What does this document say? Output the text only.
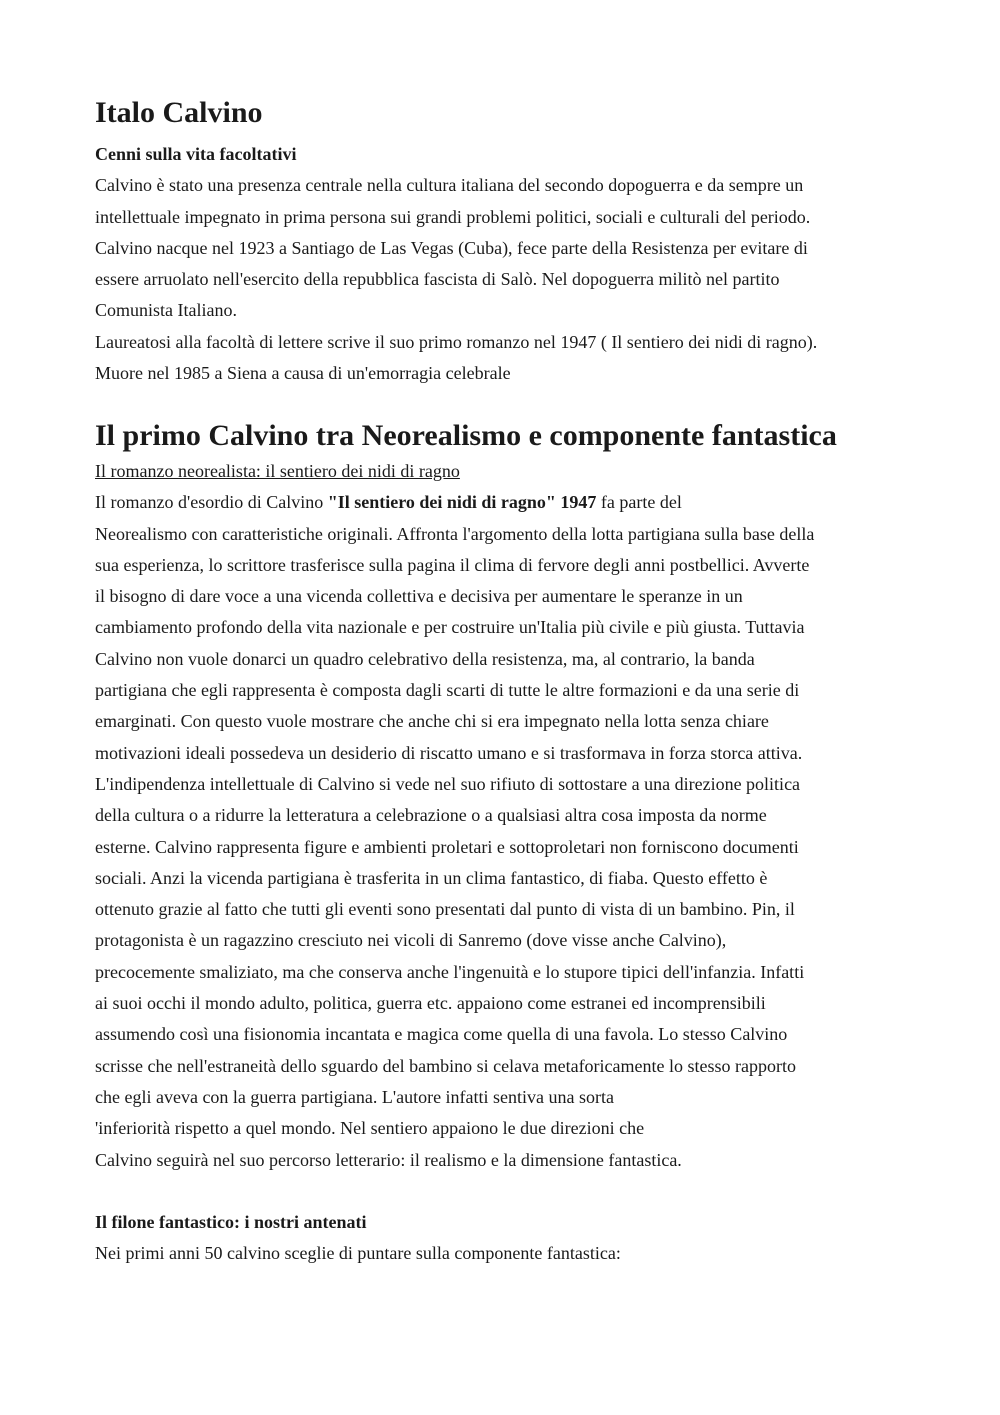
Italo Calvino
Cenni sulla vita facoltativi
Calvino è stato una presenza centrale nella cultura italiana del secondo dopoguerra e da sempre un
intellettuale impegnato in prima persona sui grandi problemi politici, sociali e culturali del periodo.
Calvino nacque nel 1923 a Santiago de Las Vegas (Cuba), fece parte della Resistenza per evitare di
essere arruolato nell'esercito della repubblica fascista di Salò. Nel dopoguerra militò nel partito
Comunista Italiano.
Laureatosi alla facoltà di lettere scrive il suo primo romanzo nel 1947 ( Il sentiero dei nidi di ragno).
Muore nel 1985 a Siena a causa di un'emorragia celebrale
Il primo Calvino tra Neorealismo e componente fantastica
Il romanzo neorealista: il sentiero dei nidi di ragno
Il romanzo d'esordio di Calvino "Il sentiero dei nidi di ragno" 1947 fa parte del
Neorealismo con caratteristiche originali. Affronta l'argomento della lotta partigiana sulla base della
sua esperienza, lo scrittore trasferisce sulla pagina il clima di fervore degli anni postbellici. Avverte
il bisogno di dare voce a una vicenda collettiva e decisiva per aumentare le speranze in un
cambiamento profondo della vita nazionale e per costruire un'Italia più civile e più giusta. Tuttavia
Calvino non vuole donarci un quadro celebrativo della resistenza, ma, al contrario, la banda
partigiana che egli rappresenta è composta dagli scarti di tutte le altre formazioni e da una serie di
emarginati. Con questo vuole mostrare che anche chi si era impegnato nella lotta senza chiare
motivazioni ideali possedeva un desiderio di riscatto umano e si trasformava in forza storca attiva.
L'indipendenza intellettuale di Calvino si vede nel suo rifiuto di sottostare a una direzione politica
della cultura o a ridurre la letteratura a celebrazione o a qualsiasi altra cosa imposta da norme
esterne. Calvino rappresenta figure e ambienti proletari e sottoproletari non forniscono documenti
sociali. Anzi la vicenda partigiana è trasferita in un clima fantastico, di fiaba. Questo effetto è
ottenuto grazie al fatto che tutti gli eventi sono presentati dal punto di vista di un bambino. Pin, il
protagonista è un ragazzino cresciuto nei vicoli di Sanremo (dove visse anche Calvino),
precocemente smaliziato, ma che conserva anche l'ingenuità e lo stupore tipici dell'infanzia. Infatti
ai suoi occhi il mondo adulto, politica, guerra etc. appaiono come estranei ed incomprensibili
assumendo così una fisionomia incantata e magica come quella di una favola. Lo stesso Calvino
scrisse che nell'estraneità dello sguardo del bambino si celava metaforicamente lo stesso rapporto
che egli aveva con la guerra partigiana. L'autore infatti sentiva una sorta
'inferiorità rispetto a quel mondo. Nel sentiero appaiono le due direzioni che
Calvino seguirà nel suo percorso letterario: il realismo e la dimensione fantastica.
Il filone fantastico: i nostri antenati
Nei primi anni 50 calvino sceglie di puntare sulla componente fantastica:
